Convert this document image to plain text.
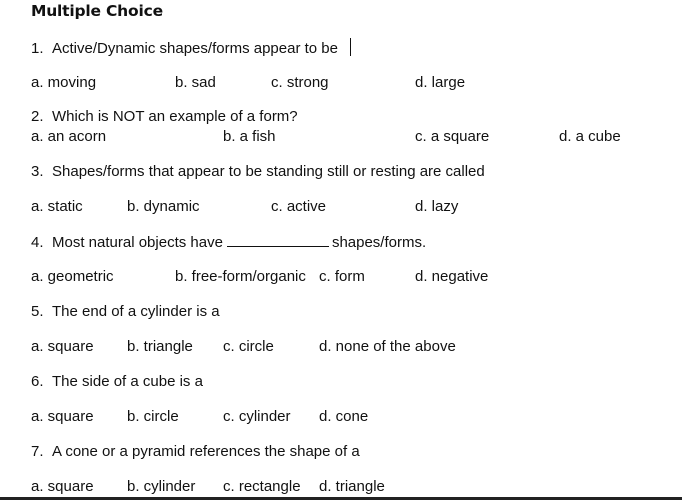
Multiple Choice
1. Active/Dynamic shapes/forms appear to be
a. moving	b. sad	c. strong	d. large
2. Which is NOT an example of a form?
a. an acorn	b. a fish	c. a square	d. a cube
3. Shapes/forms that appear to be standing still or resting are called
a. static	b. dynamic	c. active	d. lazy
4. Most natural objects have	shapes/forms.
a. geometric	b. free-form/organic c. form	d. negative
5. The end of a cylinder is a
a. square b. triangle c. circle	d. none of the above
6. The side of a cube is a
a. square b. circle	c. cylinder d. cone
7. A cone or a pyramid references the shape of a
a. square b. cylinder c. rectangle d. triangle
